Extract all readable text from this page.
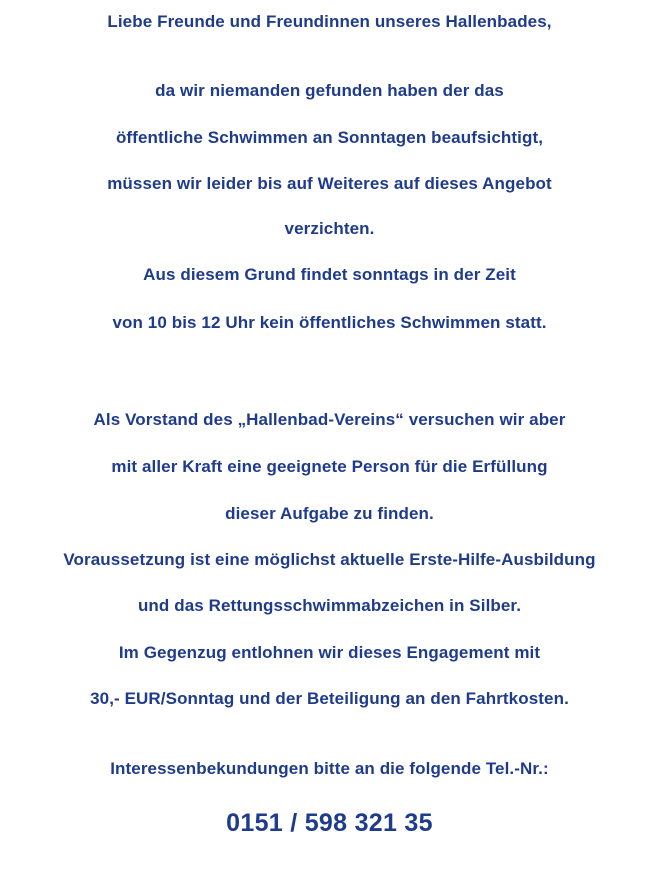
Liebe Freunde und Freundinnen unseres Hallenbades,
da wir niemanden gefunden haben der das
öffentliche Schwimmen an Sonntagen beaufsichtigt,
müssen wir leider bis auf Weiteres auf dieses Angebot
verzichten.
Aus diesem Grund findet sonntags in der Zeit
von 10 bis 12 Uhr kein öffentliches Schwimmen statt.
Als Vorstand des „Hallenbad-Vereins“ versuchen wir aber
mit aller Kraft eine geeignete Person für die Erfüllung
dieser Aufgabe zu finden.
Voraussetzung ist eine möglichst aktuelle Erste-Hilfe-Ausbildung
und das Rettungsschwimmabzeichen in Silber.
Im Gegenzug entlohnen wir dieses Engagement mit
30,- EUR/Sonntag und der Beteiligung an den Fahrtkosten.
Interessenbekundungen bitte an die folgende Tel.-Nr.:
0151 / 598 321 35
